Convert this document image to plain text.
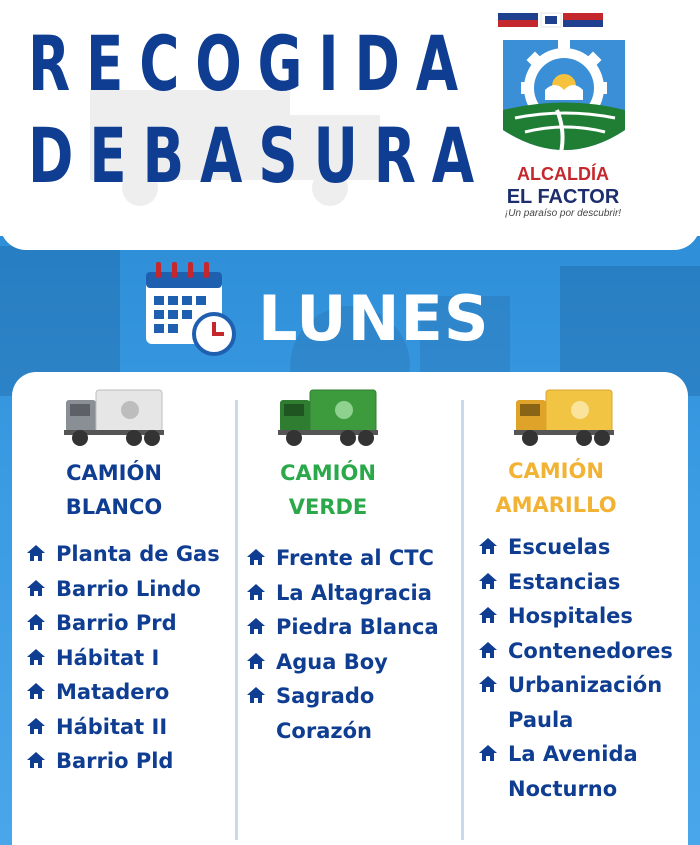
RECOGIDA
DEBASURA	ALCALDÍA
EL FACTOR
¡Un paraíso por descubrir!
LUNES
CAMIÓN
BLANCO
Planta de Gas
Barrio Lindo
Barrio Prd
Hábitat I
Matadero
Hábitat II
Barrio Pld
CAMIÓN
VERDE
Frente al CTC
La Altagracia
Piedra Blanca
Agua Boy
Sagrado Corazón
CAMIÓN
AMARILLO
Escuelas
Estancias
Hospitales
Contenedores
Urbanización Paula
La Avenida Nocturno
